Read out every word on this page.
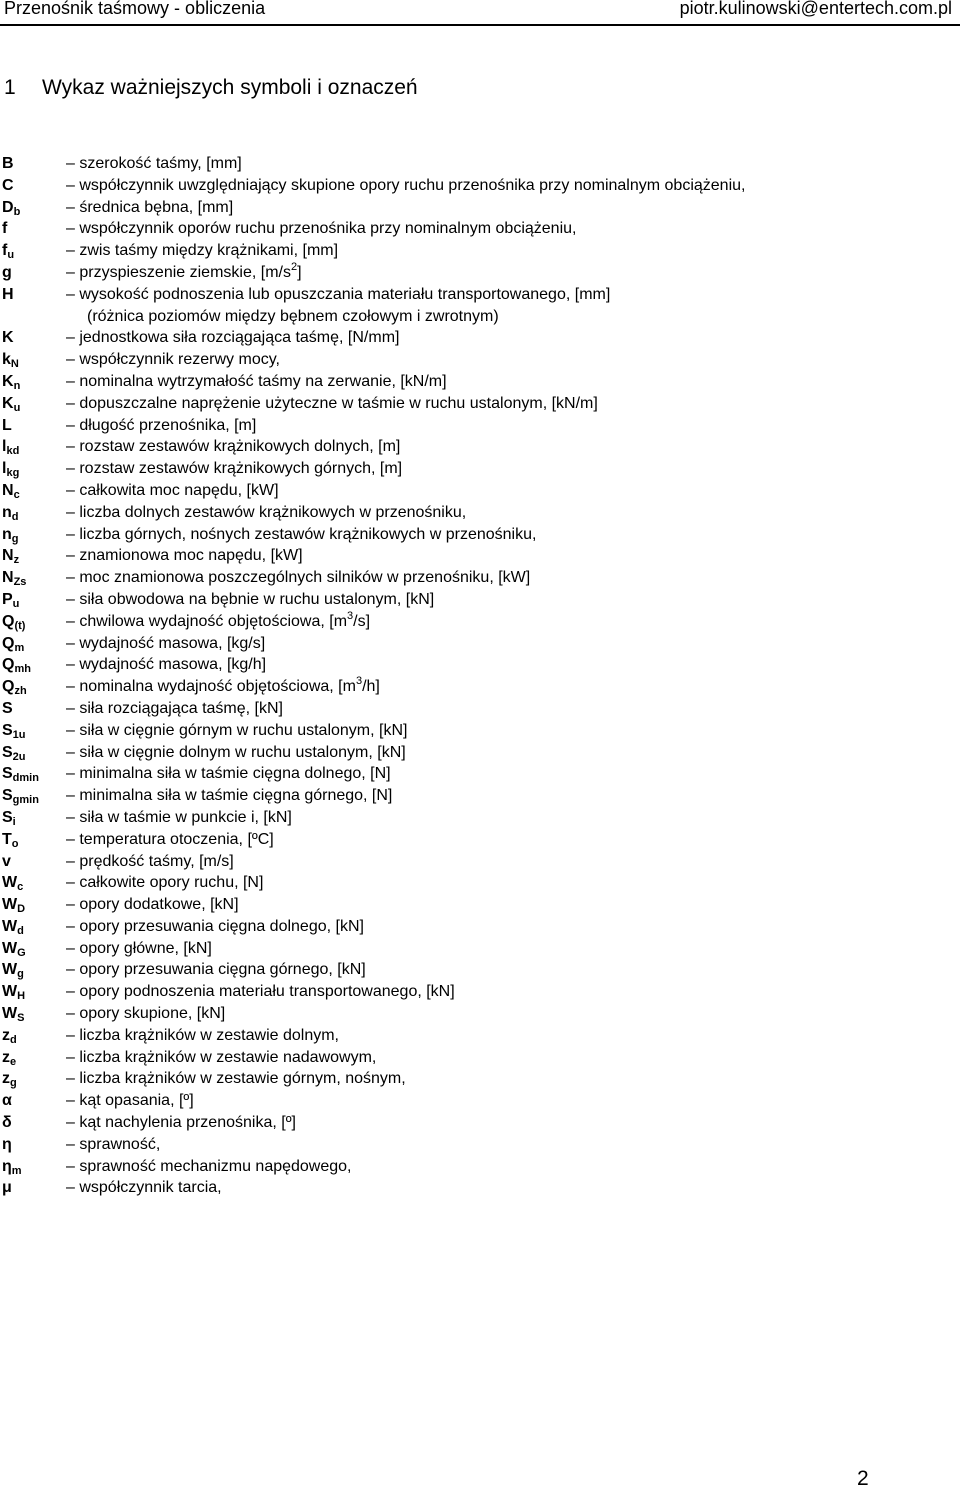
Przenośnik taśmowy - obliczenia	piotr.kulinowski@entertech.com.pl
1 Wykaz ważniejszych symboli i oznaczeń
B	– szerokość taśmy, [mm]
C	– współczynnik uwzględniający skupione opory ruchu przenośnika przy nominalnym obciążeniu,
$D_b$	– średnica bębna, [mm]
f	– współczynnik oporów ruchu przenośnika przy nominalnym obciążeniu,
$f_u$	– zwis taśmy między krążnikami, [mm]
g	– przyspieszenie ziemskie, $[m/s^2]$
H	– wysokość podnoszenia lub opuszczania materiału transportowanego, [mm]
(różnica poziomów między bębnem czołowym i zwrotnym)
K	– jednostkowa siła rozciągająca taśmę, [N/mm]
$k_N$	– współczynnik rezerwy mocy,
$K_n$	– nominalna wytrzymałość taśmy na zerwanie, [kN/m]
$K_u$	– dopuszczalne naprężenie użyteczne w taśmie w ruchu ustalonym, [kN/m]
L	– długość przenośnika, [m]
$l_{kd}$	– rozstaw zestawów krążnikowych dolnych, [m]
$l_{kg}$	– rozstaw zestawów krążnikowych górnych, [m]
$N_c$	– całkowita moc napędu, [kW]
$n_d$	– liczba dolnych zestawów krążnikowych w przenośniku,
$n_g$	– liczba górnych, nośnych zestawów krążnikowych w przenośniku,
$N_z$	– znamionowa moc napędu, [kW]
$N_{Zs}$ – moc znamionowa poszczególnych silników w przenośniku, [kW]
$P_u$	– siła obwodowa na bębnie w ruchu ustalonym, [kN]
$Q_{(t)}$	– chwilowa wydajność objętościowa, $[m^3/s]$
$Q_m$	– wydajność masowa, [kg/s]
$Q_{mh}$ – wydajność masowa, [kg/h]
$Q_{zh}$ – nominalna wydajność objętościowa, $[m^3/h]$
S	– siła rozciągająca taśmę, [kN]
$S_{1u}$	– siła w cięgnie górnym w ruchu ustalonym, [kN]
$S_{2u}$	– siła w cięgnie dolnym w ruchu ustalonym, [kN]
$S_{dmin}$ – minimalna siła w taśmie cięgna dolnego, [N]
$S_{gmin}$ – minimalna siła w taśmie cięgna górnego, [N]
$S_i$	– siła w taśmie w punkcie i, [kN]
$T_o$	– temperatura otoczenia, [ºC]
v	– prędkość taśmy, [m/s]
$W_c$	– całkowite opory ruchu, [N]
$W_D$	– opory dodatkowe, [kN]
$W_d$	– opory przesuwania cięgna dolnego, [kN]
$W_G$	– opory główne, [kN]
$W_g$	– opory przesuwania cięgna górnego, [kN]
$W_H$	– opory podnoszenia materiału transportowanego, [kN]
$W_S$	– opory skupione, [kN]
$z_d$	– liczba krążników w zestawie dolnym,
$z_e$	– liczba krążników w zestawie nadawowym,
$z_g$	– liczba krążników w zestawie górnym, nośnym,
α	– kąt opasania, [º]
δ	– kąt nachylenia przenośnika, [º]
η	– sprawność,
$\eta_m$	– sprawność mechanizmu napędowego,
μ	– współczynnik tarcia,
2
